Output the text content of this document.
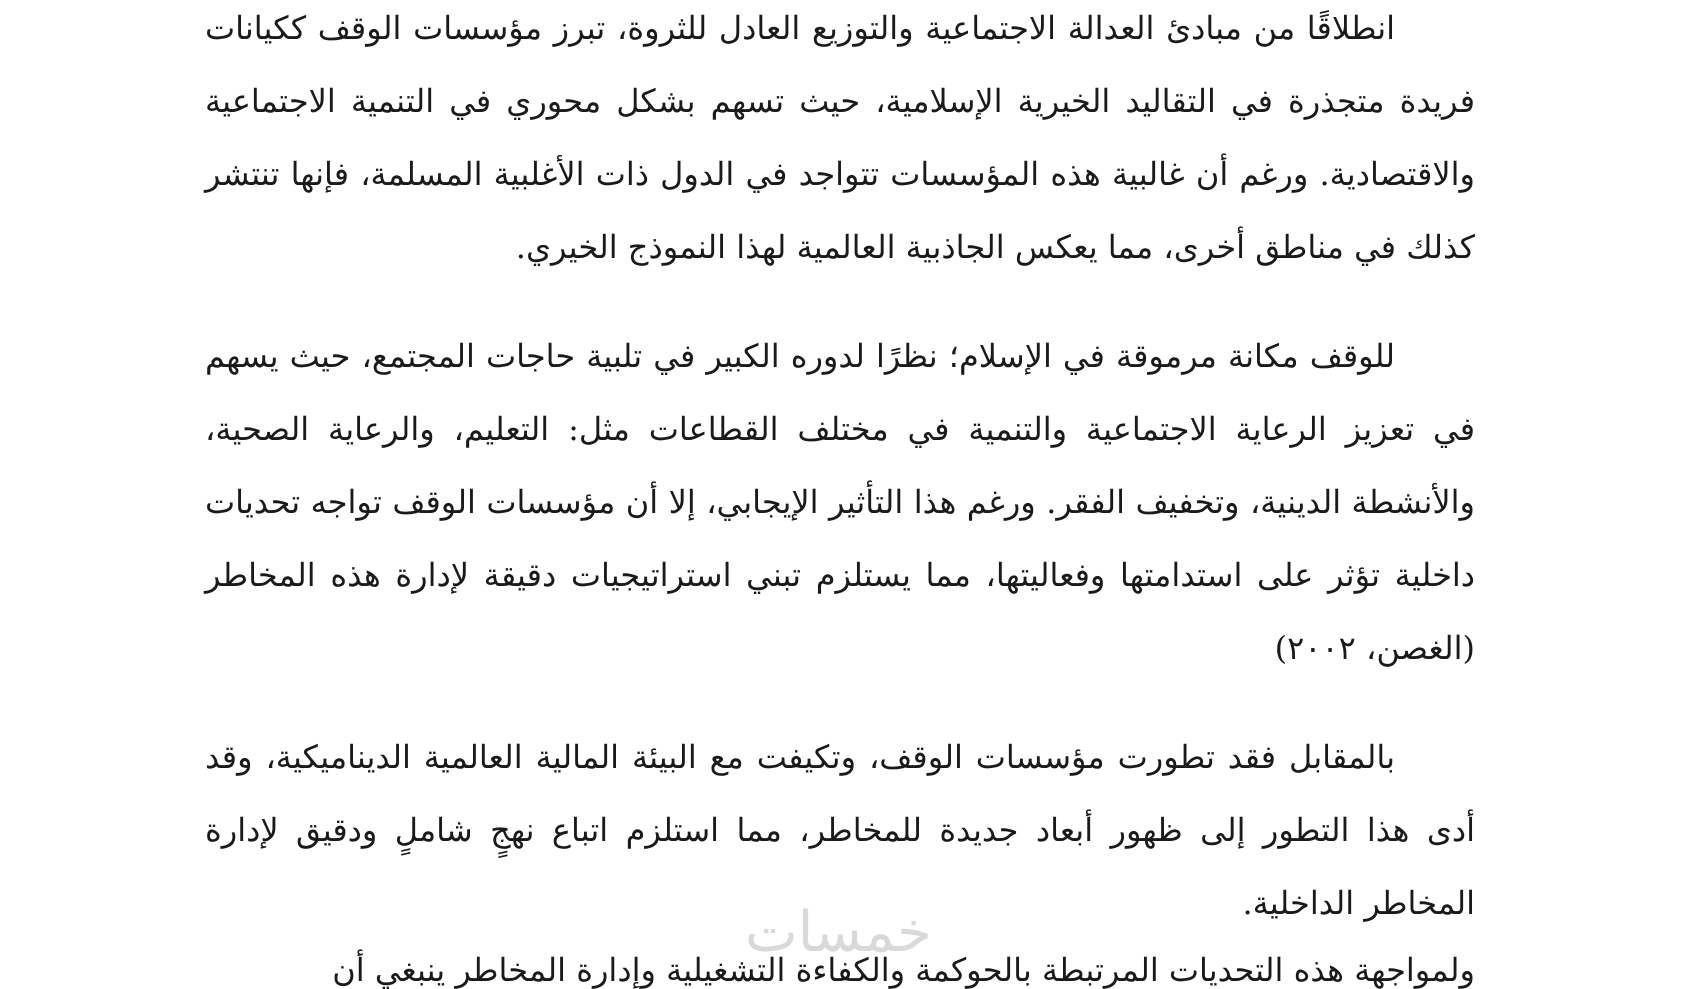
انطلاقًا من مبادئ العدالة الاجتماعية والتوزيع العادل للثروة، تبرز مؤسسات الوقف ككيانات فريدة متجذرة في التقاليد الخيرية الإسلامية، حيث تسهم بشكل محوري في التنمية الاجتماعية والاقتصادية. ورغم أن غالبية هذه المؤسسات تتواجد في الدول ذات الأغلبية المسلمة، فإنها تنتشر كذلك في مناطق أخرى، مما يعكس الجاذبية العالمية لهذا النموذج الخيري.

للوقف مكانة مرموقة في الإسلام؛ نظرًا لدوره الكبير في تلبية حاجات المجتمع، حيث يسهم في تعزيز الرعاية الاجتماعية والتنمية في مختلف القطاعات مثل: التعليم، والرعاية الصحية، والأنشطة الدينية، وتخفيف الفقر. ورغم هذا التأثير الإيجابي، إلا أن مؤسسات الوقف تواجه تحديات داخلية تؤثر على استدامتها وفعاليتها، مما يستلزم تبني استراتيجيات دقيقة لإدارة هذه المخاطر (الغصن، ٢٠٠٢)

بالمقابل فقد تطورت مؤسسات الوقف، وتكيفت مع البيئة المالية العالمية الديناميكية، وقد أدى هذا التطور إلى ظهور أبعاد جديدة للمخاطر، مما استلزم اتباع نهجٍ شاملٍ ودقيق لإدارة المخاطر الداخلية.

ولمواجهة هذه التحديات المرتبطة بالحوكمة والكفاءة التشغيلية وإدارة المخاطر ينبغي أن
خمسات
